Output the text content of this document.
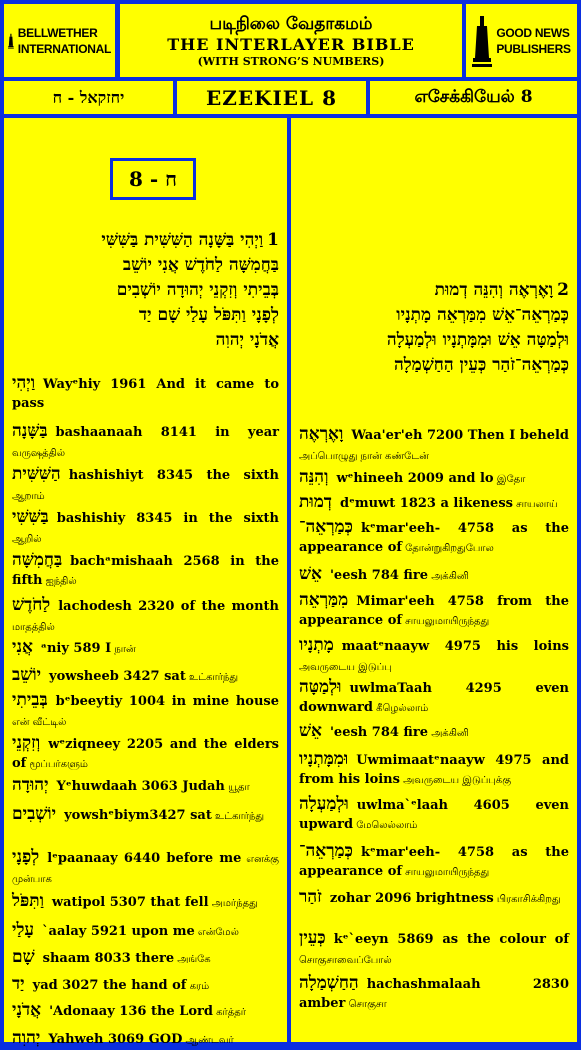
BELLWETHER
INTERNATIONAL
படிநிலை வேதாகமம்
THE INTERLAYER BIBLE
(WITH STRONG’S NUMBERS)
GOOD NEWS
PUBLISHERS
יחזקאל - ח	EZEKIEL 8	எசேக்கியேல் 8
ח - 8
1וַיְהִי בַּשָּׁנָה הַשִּׁשִּׁית בַּשִּׁשִּׁי
בַּחֲמִשָּׁה לַחֹדֶשׁ אֲנִי יוֹשֵׁב
בְּבֵיתִי וְזִקְנֵי יְהוּדָה יוֹשְׁבִים
לְפָנָי וַתִּפֹּל עָלַי שָׁם יַד
אֲדֹנָי יְהוִה
וַיְהִי Wayᵉhiy 1961 And it came to pass
בַּשָּׁנָה bashaanaah 8141 in year வருஷத்தில்
הַשִּׁשִּׁית hashishiyt 8345 the sixth ஆறாம்
בַּשִּׁשִּׁי bashishiy 8345 in the sixth ஆறில்
בַּחֲמִשָּׁה bachᵃmishaah 2568 in the fifth ஐந்தில்
לַחֹדֶשׁ lachodesh 2320 of the month மாதத்தில்
אֲנִי ᵃniy 589 I நான்
יוֹשֵׁב yowsheeb 3427 sat உட்கார்ந்து
בְּבֵיתִי bᵉbeeytiy 1004 in mine house என் வீட்டில்
וְזִקְנֵי wᵉziqneey 2205 and the elders of மூப்பர்களும்
יְהוּדָה Yᵉhuwdaah 3063 Judah யூதா
יוֹשְׁבִים yowshᵉbiym3427 sat உட்கார்ந்து
לְפָנָי lᵉpaanaay 6440 before me எனக்கு முன்பாக
וַתִּפֹּל watipol 5307 that fell அமர்ந்தது
עָלַי `aalay 5921 upon me என்மேல்
שָׁם shaam 8033 there அங்கே
יַד yad 3027 the hand of கரம்
אֲדֹנָי 'Adonaay 136 the Lord கர்த்தர்
יְהוִה Yahweh 3069 GOD ஆண்டவர்
2וָאֶרְאֶה וְהִנֵּה דְמוּת
כְּמַרְאֵה־אֵשׁ מִמַּרְאֵה מָתְנָיו
וּלְמַטָּה אֵשׁ וּמִמָּתְנָיו וּלְמַעְלָה
כְּמַרְאֵה־זֹהַר כְּעֵין הַחַשְׁמַלָה
וָאֶרְאֶה Waa'er'eh 7200 Then I beheld அப்பொழுது நான் கண்டேன்
וְהִנֵּה wᵉhineeh 2009 and lo இதோ
דְמוּת dᵉmuwt 1823 a likeness சாயலாய்
כְּמַרְאֵה־ kᵉmar'eeh- 4758 as the appearance of தோன்றுகிறதுபோல
אֵשׁ 'eesh 784 fire அக்கினி
מִמַּרְאֵה Mimar'eeh 4758 from the appearance of சாயலுமாயிருந்தது
מָתְנָיו maatᵉnaayw 4975 his loins அவருடைய இடுப்பு
וּלְמַטָּה uwlmaTaah 4295 even downward கீழெல்லாம்
אֵשׁ 'eesh 784 fire அக்கினி
וּמִמָּתְנָיו Uwmimaatᵉnaayw 4975 and from his loins அவருடைய இடுப்புக்கு
וּלְמַעְלָה uwlma`ᵉlaah 4605 even upward மேலெல்லாம்
כְּמַרְאֵה־ kᵉmar'eeh- 4758 as the appearance of சாயலுமாயிருந்தது
זֹהַר zohar 2096 brightness பிரகாசிக்கிறது
כְּעֵין kᵉ`eeyn 5869 as the colour of சொகுசாவைப்போல்
הַחַשְׁמַלָה hachashmalaah 2830 amber சொகுசா
